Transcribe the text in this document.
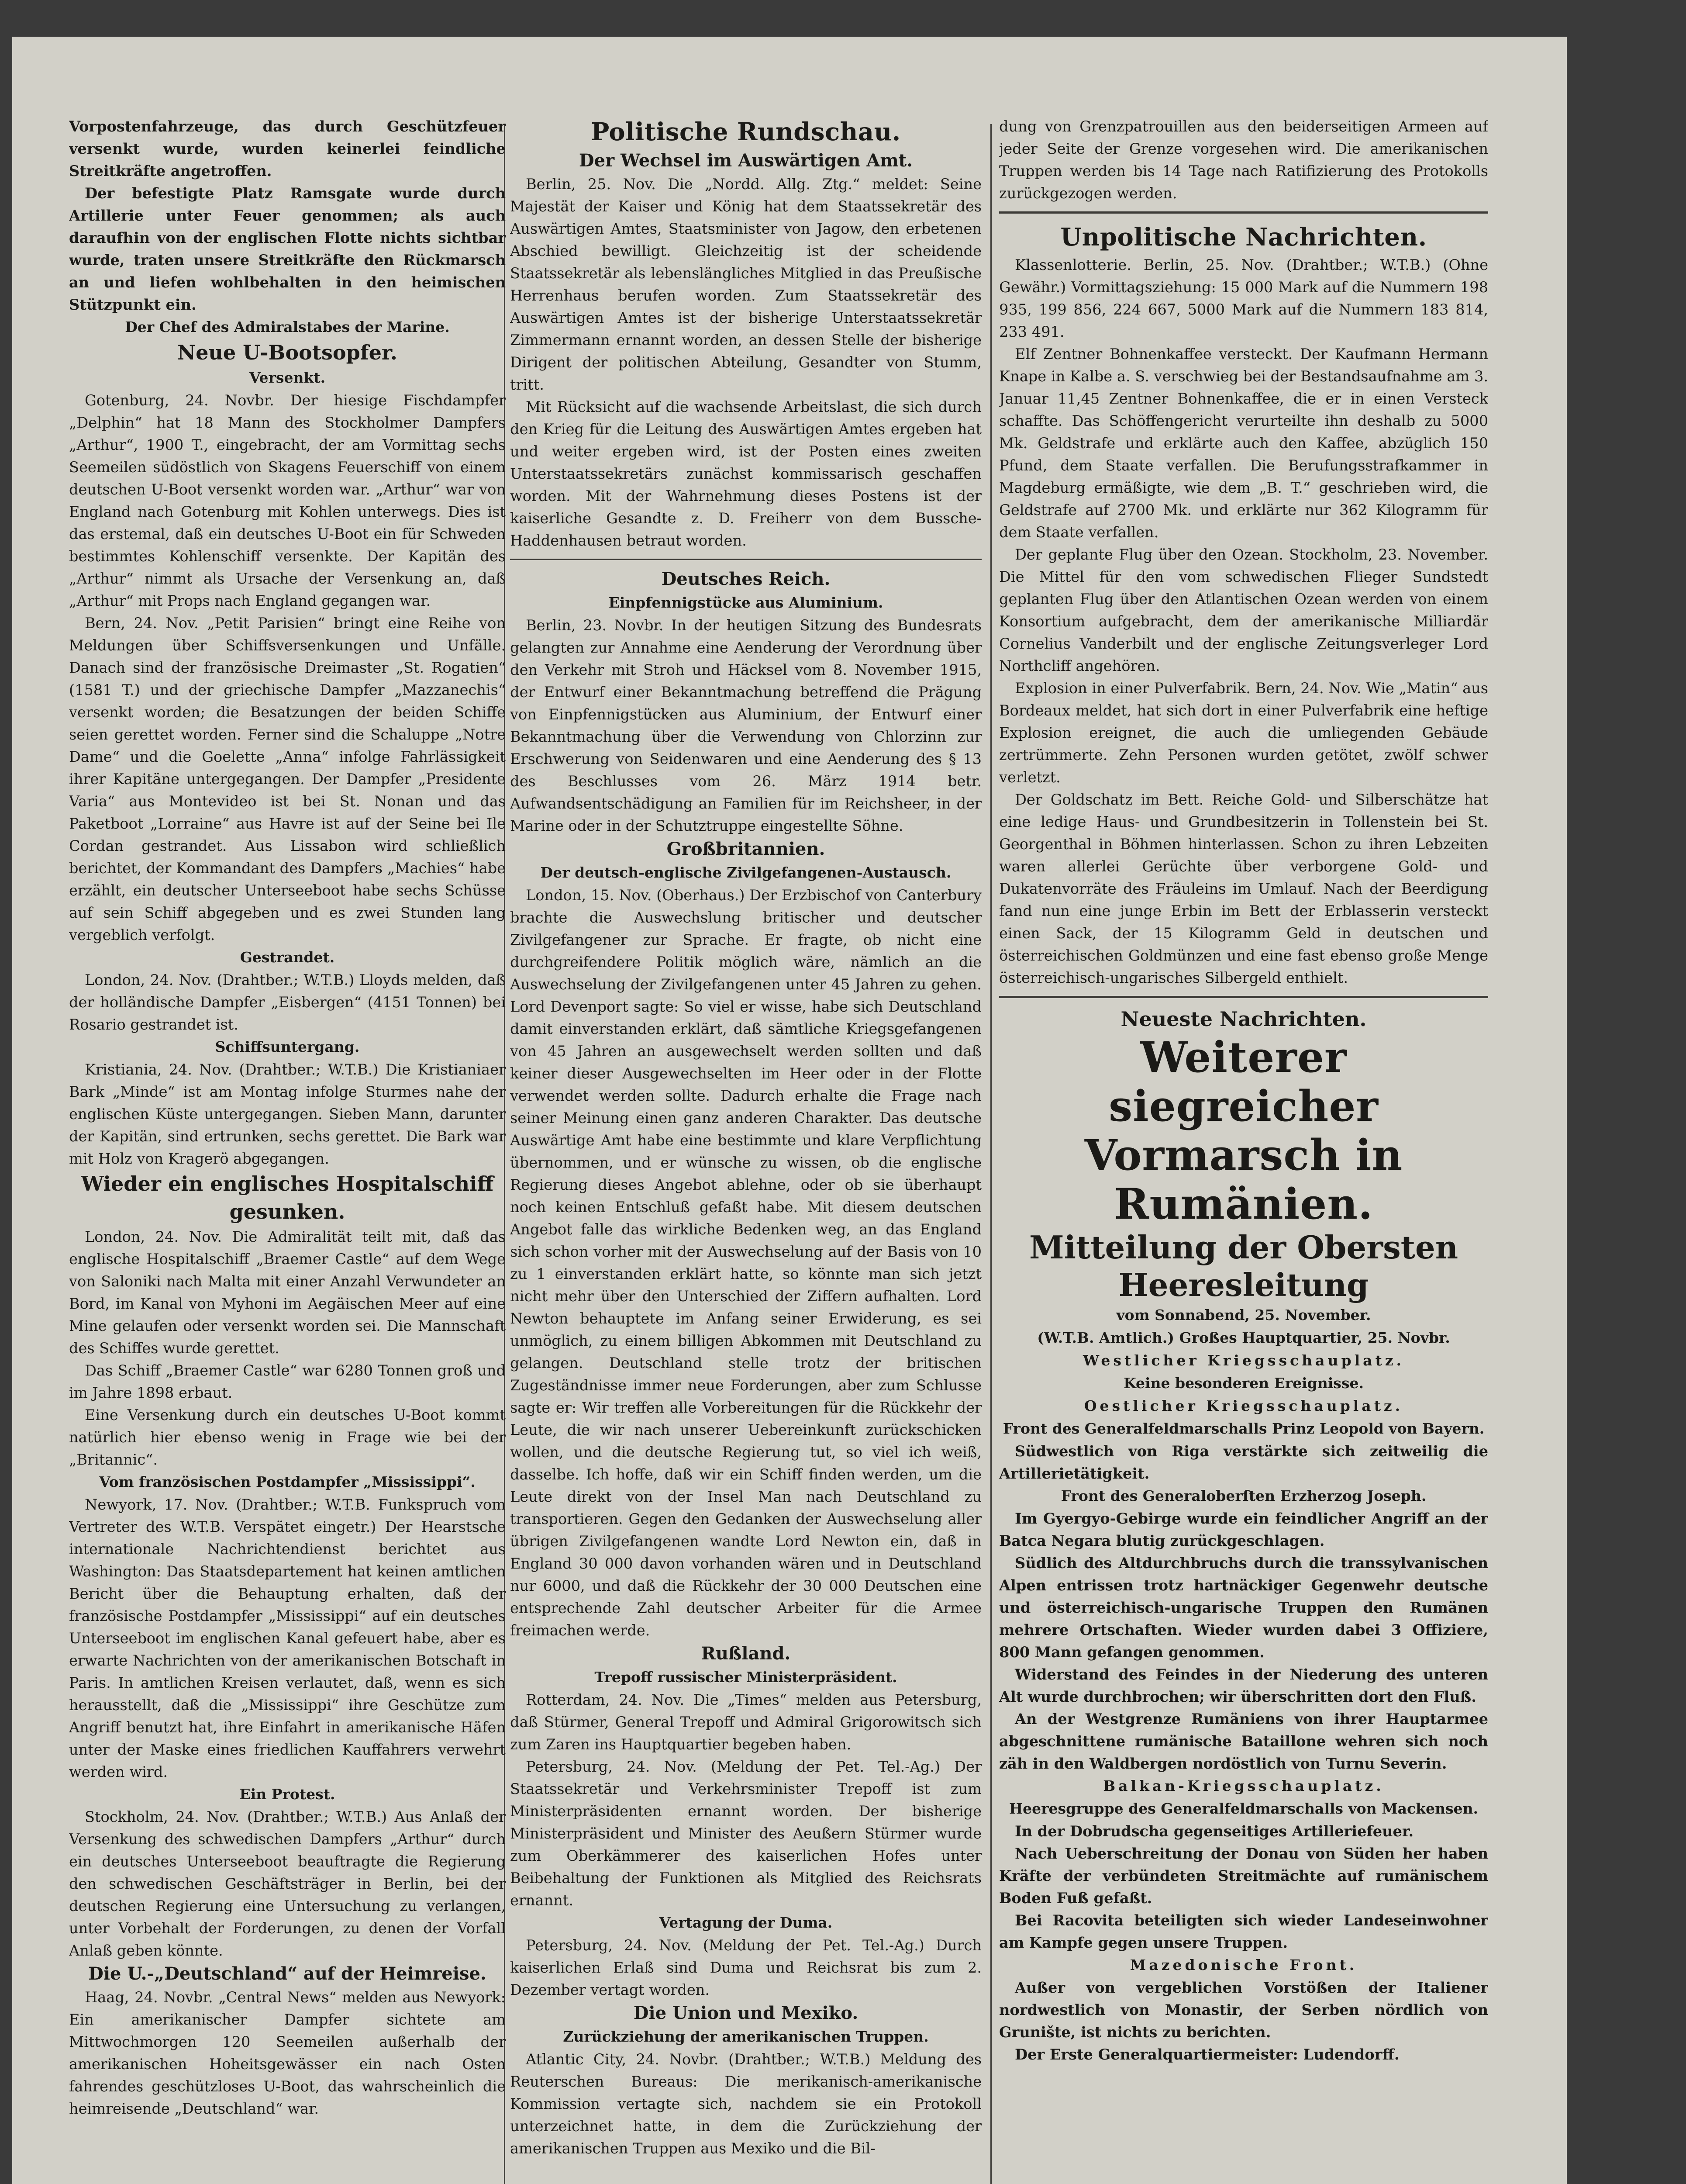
Vorpostenfahrzeuge, das durch Geschützfeuer versenkt wurde, wurden keinerlei feindliche Streitkräfte angetroffen.

Der befestigte Platz Ramsgate wurde durch Artillerie unter Feuer genommen; als auch daraufhin von der englischen Flotte nichts sichtbar wurde, traten unsere Streitkräfte den Rückmarsch an und liefen wohlbehalten in den heimischen Stützpunkt ein.

Der Chef des Admiralstabes der Marine.

Neue U-Bootsopfer.

Versenkt.

Gotenburg, 24. Novbr. Der hiesige Fischdampfer „Delphin“ hat 18 Mann des Stockholmer Dampfers „Arthur“, 1900 T., eingebracht, der am Vormittag sechs Seemeilen südöstlich von Skagens Feuerschiff von einem deutschen U-Boot versenkt worden war. „Arthur“ war von England nach Gotenburg mit Kohlen unterwegs. Dies ist das erstemal, daß ein deutsches U-Boot ein für Schweden bestimmtes Kohlenschiff versenkte. Der Kapitän des „Arthur“ nimmt als Ursache der Versenkung an, daß „Arthur“ mit Props nach England gegangen war.

Bern, 24. Nov. „Petit Parisien“ bringt eine Reihe von Meldungen über Schiffsversenkungen und Unfälle. Danach sind der französische Dreimaster „St. Rogatien“ (1581 T.) und der griechische Dampfer „Mazzanechis“ versenkt worden; die Besatzungen der beiden Schiffe seien gerettet worden. Ferner sind die Schaluppe „Notre Dame“ und die Goelette „Anna“ infolge Fahrlässigkeit ihrer Kapitäne untergegangen. Der Dampfer „Presidente Varia“ aus Montevideo ist bei St. Nonan und das Paketboot „Lorraine“ aus Havre ist auf der Seine bei Ile Cordan gestrandet. Aus Lissabon wird schließlich berichtet, der Kommandant des Dampfers „Machies“ habe erzählt, ein deutscher Unterseeboot habe sechs Schüsse auf sein Schiff abgegeben und es zwei Stunden lang vergeblich verfolgt.

Gestrandet.

London, 24. Nov. (Drahtber.; W.T.B.) Lloyds melden, daß der holländische Dampfer „Eisbergen“ (4151 Tonnen) bei Rosario gestrandet ist.

Schiffsuntergang.

Kristiania, 24. Nov. (Drahtber.; W.T.B.) Die Kristianiaer Bark „Minde“ ist am Montag infolge Sturmes nahe der englischen Küste untergegangen. Sieben Mann, darunter der Kapitän, sind ertrunken, sechs gerettet. Die Bark war mit Holz von Kragerö abgegangen.

Wieder ein englisches Hospitalschiff gesunken.

London, 24. Nov. Die Admiralität teilt mit, daß das englische Hospitalschiff „Braemer Castle“ auf dem Wege von Saloniki nach Malta mit einer Anzahl Verwundeter an Bord, im Kanal von Myhoni im Aegäischen Meer auf eine Mine gelaufen oder versenkt worden sei. Die Mannschaft des Schiffes wurde gerettet.

Das Schiff „Braemer Castle“ war 6280 Tonnen groß und im Jahre 1898 erbaut.

Eine Versenkung durch ein deutsches U-Boot kommt natürlich hier ebenso wenig in Frage wie bei der „Britannic“.

Vom französischen Postdampfer „Mississippi“.

Newyork, 17. Nov. (Drahtber.; W.T.B. Funkspruch vom Vertreter des W.T.B. Verspätet eingetr.) Der Hearstsche internationale Nachrichtendienst berichtet aus Washington: Das Staatsdepartement hat keinen amtlichen Bericht über die Behauptung erhalten, daß der französische Postdampfer „Mississippi“ auf ein deutsches Unterseeboot im englischen Kanal gefeuert habe, aber es erwarte Nachrichten von der amerikanischen Botschaft in Paris. In amtlichen Kreisen verlautet, daß, wenn es sich herausstellt, daß die „Mississippi“ ihre Geschütze zum Angriff benutzt hat, ihre Einfahrt in amerikanische Häfen unter der Maske eines friedlichen Kauffahrers verwehrt werden wird.

Ein Protest.

Stockholm, 24. Nov. (Drahtber.; W.T.B.) Aus Anlaß der Versenkung des schwedischen Dampfers „Arthur“ durch ein deutsches Unterseeboot beauftragte die Regierung den schwedischen Geschäftsträger in Berlin, bei der deutschen Regierung eine Untersuchung zu verlangen, unter Vorbehalt der Forderungen, zu denen der Vorfall Anlaß geben könnte.

Die U.-„Deutschland“ auf der Heimreise.

Haag, 24. Novbr. „Central News“ melden aus Newyork: Ein amerikanischer Dampfer sichtete am Mittwochmorgen 120 Seemeilen außerhalb der amerikanischen Hoheitsgewässer ein nach Osten fahrendes geschützloses U-Boot, das wahrscheinlich die heimreisende „Deutschland“ war.

Politische Rundschau.

Der Wechsel im Auswärtigen Amt.

Berlin, 25. Nov. Die „Nordd. Allg. Ztg.“ meldet: Seine Majestät der Kaiser und König hat dem Staatssekretär des Auswärtigen Amtes, Staatsminister von Jagow, den erbetenen Abschied bewilligt. Gleichzeitig ist der scheidende Staatssekretär als lebenslängliches Mitglied in das Preußische Herrenhaus berufen worden. Zum Staatssekretär des Auswärtigen Amtes ist der bisherige Unterstaatssekretär Zimmermann ernannt worden, an dessen Stelle der bisherige Dirigent der politischen Abteilung, Gesandter von Stumm, tritt.

Mit Rücksicht auf die wachsende Arbeitslast, die sich durch den Krieg für die Leitung des Auswärtigen Amtes ergeben hat und weiter ergeben wird, ist der Posten eines zweiten Unterstaatssekretärs zunächst kommissarisch geschaffen worden. Mit der Wahrnehmung dieses Postens ist der kaiserliche Gesandte z. D. Freiherr von dem Bussche-Haddenhausen betraut worden.

Deutsches Reich.

Einpfennigstücke aus Aluminium.

Berlin, 23. Novbr. In der heutigen Sitzung des Bundesrats gelangten zur Annahme eine Aenderung der Verordnung über den Verkehr mit Stroh und Häcksel vom 8. November 1915, der Entwurf einer Bekanntmachung betreffend die Prägung von Einpfennigstücken aus Aluminium, der Entwurf einer Bekanntmachung über die Verwendung von Chlorzinn zur Erschwerung von Seidenwaren und eine Aenderung des § 13 des Beschlusses vom 26. März 1914 betr. Aufwandsentschädigung an Familien für im Reichsheer, in der Marine oder in der Schutztruppe eingestellte Söhne.

Großbritannien.

Der deutsch-englische Zivilgefangenen-Austausch.

London, 15. Nov. (Oberhaus.) Der Erzbischof von Canterbury brachte die Auswechslung britischer und deutscher Zivilgefangener zur Sprache. Er fragte, ob nicht eine durchgreifendere Politik möglich wäre, nämlich an die Auswechselung der Zivilgefangenen unter 45 Jahren zu gehen. Lord Devenport sagte: So viel er wisse, habe sich Deutschland damit einverstanden erklärt, daß sämtliche Kriegsgefangenen von 45 Jahren an ausgewechselt werden sollten und daß keiner dieser Ausgewechselten im Heer oder in der Flotte verwendet werden sollte. Dadurch erhalte die Frage nach seiner Meinung einen ganz anderen Charakter. Das deutsche Auswärtige Amt habe eine bestimmte und klare Verpflichtung übernommen, und er wünsche zu wissen, ob die englische Regierung dieses Angebot ablehne, oder ob sie überhaupt noch keinen Entschluß gefaßt habe. Mit diesem deutschen Angebot falle das wirkliche Bedenken weg, an das England sich schon vorher mit der Auswechselung auf der Basis von 10 zu 1 einverstanden erklärt hatte, so könnte man sich jetzt nicht mehr über den Unterschied der Ziffern aufhalten. Lord Newton behauptete im Anfang seiner Erwiderung, es sei unmöglich, zu einem billigen Abkommen mit Deutschland zu gelangen. Deutschland stelle trotz der britischen Zugeständnisse immer neue Forderungen, aber zum Schlusse sagte er: Wir treffen alle Vorbereitungen für die Rückkehr der Leute, die wir nach unserer Uebereinkunft zurückschicken wollen, und die deutsche Regierung tut, so viel ich weiß, dasselbe. Ich hoffe, daß wir ein Schiff finden werden, um die Leute direkt von der Insel Man nach Deutschland zu transportieren. Gegen den Gedanken der Auswechselung aller übrigen Zivilgefangenen wandte Lord Newton ein, daß in England 30 000 davon vorhanden wären und in Deutschland nur 6000, und daß die Rückkehr der 30 000 Deutschen eine entsprechende Zahl deutscher Arbeiter für die Armee freimachen werde.

Rußland.

Trepoff russischer Ministerpräsident.

Rotterdam, 24. Nov. Die „Times“ melden aus Petersburg, daß Stürmer, General Trepoff und Admiral Grigorowitsch sich zum Zaren ins Hauptquartier begeben haben.

Petersburg, 24. Nov. (Meldung der Pet. Tel.-Ag.) Der Staatssekretär und Verkehrsminister Trepoff ist zum Ministerpräsidenten ernannt worden. Der bisherige Ministerpräsident und Minister des Aeußern Stürmer wurde zum Oberkämmerer des kaiserlichen Hofes unter Beibehaltung der Funktionen als Mitglied des Reichsrats ernannt.

Vertagung der Duma.

Petersburg, 24. Nov. (Meldung der Pet. Tel.-Ag.) Durch kaiserlichen Erlaß sind Duma und Reichsrat bis zum 2. Dezember vertagt worden.

Die Union und Mexiko.

Zurückziehung der amerikanischen Truppen.

Atlantic City, 24. Novbr. (Drahtber.; W.T.B.) Meldung des Reuterschen Bureaus: Die merikanisch-amerikanische Kommission vertagte sich, nachdem sie ein Protokoll unterzeichnet hatte, in dem die Zurückziehung der amerikanischen Truppen aus Mexiko und die Bil-

dung von Grenzpatrouillen aus den beiderseitigen Armeen auf jeder Seite der Grenze vorgesehen wird. Die amerikanischen Truppen werden bis 14 Tage nach Ratifizierung des Protokolls zurückgezogen werden.

Unpolitische Nachrichten.

Klassenlotterie. Berlin, 25. Nov. (Drahtber.; W.T.B.) (Ohne Gewähr.) Vormittagsziehung: 15 000 Mark auf die Nummern 198 935, 199 856, 224 667, 5000 Mark auf die Nummern 183 814, 233 491.

Elf Zentner Bohnenkaffee versteckt. Der Kaufmann Hermann Knape in Kalbe a. S. verschwieg bei der Bestandsaufnahme am 3. Januar 11,45 Zentner Bohnenkaffee, die er in einen Versteck schaffte. Das Schöffengericht verurteilte ihn deshalb zu 5000 Mk. Geldstrafe und erklärte auch den Kaffee, abzüglich 150 Pfund, dem Staate verfallen. Die Berufungsstrafkammer in Magdeburg ermäßigte, wie dem „B. T.“ geschrieben wird, die Geldstrafe auf 2700 Mk. und erklärte nur 362 Kilogramm für dem Staate verfallen.

Der geplante Flug über den Ozean. Stockholm, 23. November. Die Mittel für den vom schwedischen Flieger Sundstedt geplanten Flug über den Atlantischen Ozean werden von einem Konsortium aufgebracht, dem der amerikanische Milliardär Cornelius Vanderbilt und der englische Zeitungsverleger Lord Northcliff angehören.

Explosion in einer Pulverfabrik. Bern, 24. Nov. Wie „Matin“ aus Bordeaux meldet, hat sich dort in einer Pulverfabrik eine heftige Explosion ereignet, die auch die umliegenden Gebäude zertrümmerte. Zehn Personen wurden getötet, zwölf schwer verletzt.

Der Goldschatz im Bett. Reiche Gold- und Silberschätze hat eine ledige Haus- und Grundbesitzerin in Tollenstein bei St. Georgenthal in Böhmen hinterlassen. Schon zu ihren Lebzeiten waren allerlei Gerüchte über verborgene Gold- und Dukatenvorräte des Fräuleins im Umlauf. Nach der Beerdigung fand nun eine junge Erbin im Bett der Erblasserin versteckt einen Sack, der 15 Kilogramm Geld in deutschen und österreichischen Goldmünzen und eine fast ebenso große Menge österreichisch-ungarisches Silbergeld enthielt.

Neueste Nachrichten.

Weiterer siegreicher Vormarsch in Rumänien.

Mitteilung der Obersten Heeresleitung

vom Sonnabend, 25. November.

(W.T.B. Amtlich.) Großes Hauptquartier, 25. Novbr.

Westlicher Kriegsschauplatz.

Keine besonderen Ereignisse.

Oestlicher Kriegsschauplatz.

Front des Generalfeldmarschalls Prinz Leopold von Bayern.

Südwestlich von Riga verstärkte sich zeitweilig die Artillerietätigkeit.

Front des Generaloberſten Erzherzog Joseph.

Im Gyergyo-Gebirge wurde ein feindlicher Angriff an der Batca Negara blutig zurückgeschlagen.

Südlich des Altdurchbruchs durch die transsylvanischen Alpen entrissen trotz hartnäckiger Gegenwehr deutsche und österreichisch-ungarische Truppen den Rumänen mehrere Ortschaften. Wieder wurden dabei 3 Offiziere, 800 Mann gefangen genommen.

Widerstand des Feindes in der Niederung des unteren Alt wurde durchbrochen; wir überschritten dort den Fluß.

An der Westgrenze Rumäniens von ihrer Hauptarmee abgeschnittene rumänische Bataillone wehren sich noch zäh in den Waldbergen nordöstlich von Turnu Severin.

Balkan-Kriegsschauplatz.

Heeresgruppe des Generalfeldmarschalls von Mackensen.

In der Dobrudscha gegenseitiges Artilleriefeuer.

Nach Ueberschreitung der Donau von Süden her haben Kräfte der verbündeten Streitmächte auf rumänischem Boden Fuß gefaßt.

Bei Racovita beteiligten sich wieder Landeseinwohner am Kampfe gegen unsere Truppen.

Mazedonische Front.

Außer von vergeblichen Vorstößen der Italiener nordwestlich von Monastir, der Serben nördlich von Grunište, ist nichts zu berichten.

Der Erste Generalquartiermeister: Ludendorff.
